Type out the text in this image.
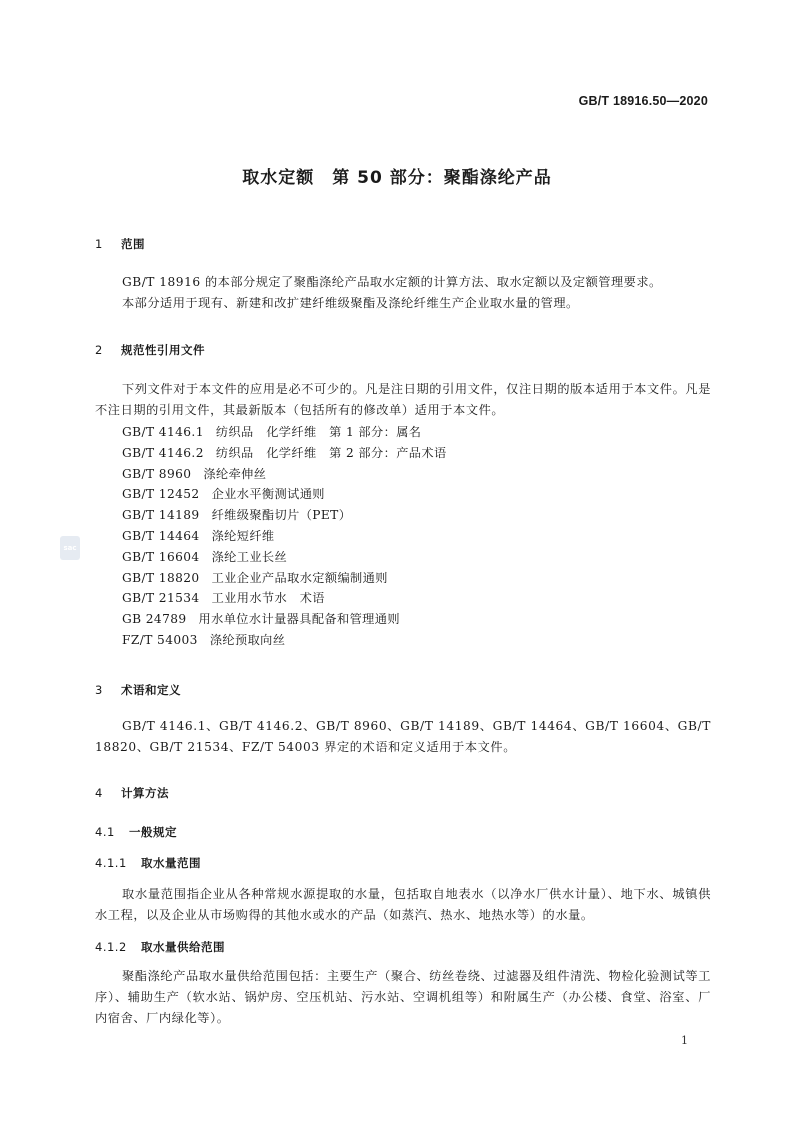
GB/T 18916.50—2020
取水定额　第 50 部分：聚酯涤纶产品
sac
1 范围
GB/T 18916 的本部分规定了聚酯涤纶产品取水定额的计算方法、取水定额以及定额管理要求。
本部分适用于现有、新建和改扩建纤维级聚酯及涤纶纤维生产企业取水量的管理。
2 规范性引用文件
下列文件对于本文件的应用是必不可少的。凡是注日期的引用文件，仅注日期的版本适用于本文件。凡是不注日期的引用文件，其最新版本（包括所有的修改单）适用于本文件。
GB/T 4146.1 纺织品　化学纤维　第 1 部分：属名
GB/T 4146.2 纺织品　化学纤维　第 2 部分：产品术语
GB/T 8960 涤纶牵伸丝
GB/T 12452 企业水平衡测试通则
GB/T 14189 纤维级聚酯切片（PET）
GB/T 14464 涤纶短纤维
GB/T 16604 涤纶工业长丝
GB/T 18820 工业企业产品取水定额编制通则
GB/T 21534 工业用水节水　术语
GB 24789 用水单位水计量器具配备和管理通则
FZ/T 54003 涤纶预取向丝
3 术语和定义
GB/T 4146.1、GB/T 4146.2、GB/T 8960、GB/T 14189、GB/T 14464、GB/T 16604、GB/T 18820、GB/T 21534、FZ/T 54003 界定的术语和定义适用于本文件。
4 计算方法
4.1 一般规定
4.1.1 取水量范围
取水量范围指企业从各种常规水源提取的水量，包括取自地表水（以净水厂供水计量）、地下水、城镇供水工程，以及企业从市场购得的其他水或水的产品（如蒸汽、热水、地热水等）的水量。
4.1.2 取水量供给范围
聚酯涤纶产品取水量供给范围包括：主要生产（聚合、纺丝卷绕、过滤器及组件清洗、物检化验测试等工序）、辅助生产（软水站、锅炉房、空压机站、污水站、空调机组等）和附属生产（办公楼、食堂、浴室、厂内宿舍、厂内绿化等）。
1
